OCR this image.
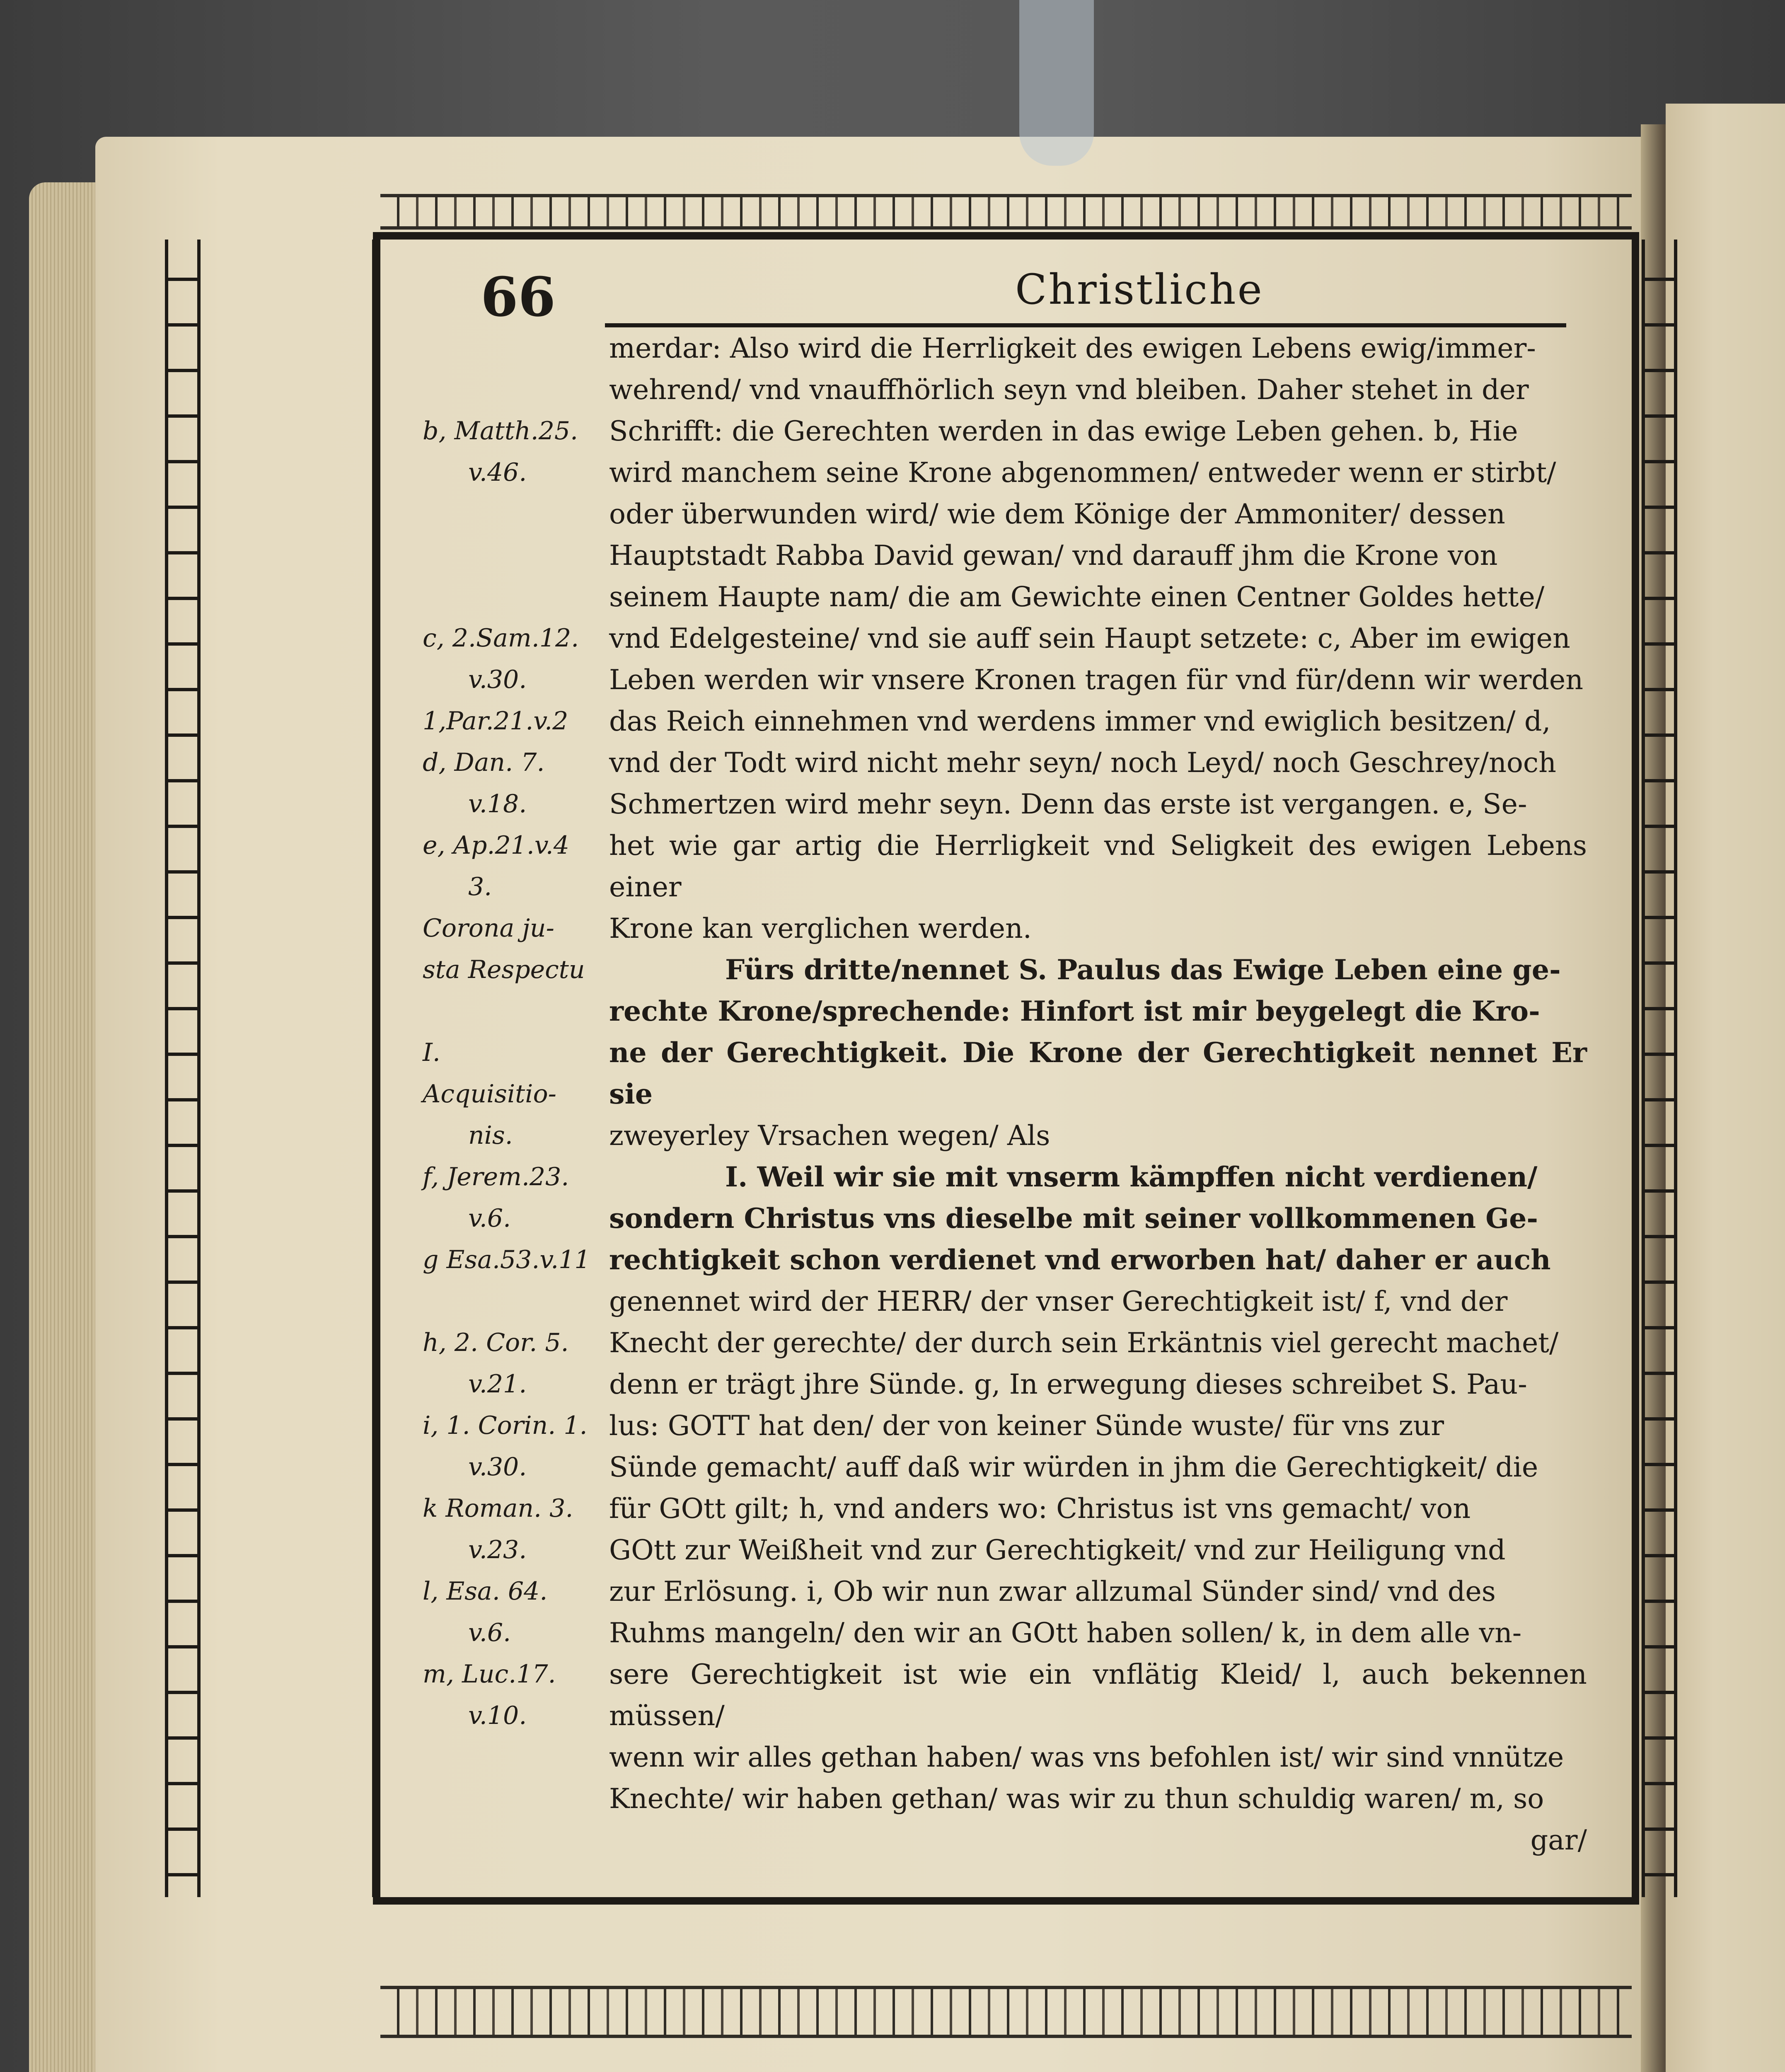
66	Christliche

merdar: Also wird die Herrligkeit des ewigen Lebens ewig/immer-

wehrend/ vnd vnauffhörlich seyn vnd bleiben. Daher stehet in der

Schrifft: die Gerechten werden in das ewige Leben gehen. b, Hie

wird manchem seine Krone abgenommen/ entweder wenn er stirbt/

oder überwunden wird/ wie dem Könige der Ammoniter/ dessen

Hauptstadt Rabba David gewan/ vnd darauff jhm die Krone von

seinem Haupte nam/ die am Gewichte einen Centner Goldes hette/

vnd Edelgesteine/ vnd sie auff sein Haupt setzete: c, Aber im ewigen

Leben werden wir vnsere Kronen tragen für vnd für/denn wir werden

das Reich einnehmen vnd werdens immer vnd ewiglich besitzen/ d,

vnd der Todt wird nicht mehr seyn/ noch Leyd/ noch Geschrey/noch

Schmertzen wird mehr seyn. Denn das erste ist vergangen. e, Se-

het wie gar artig die Herrligkeit vnd Seligkeit des ewigen Lebens einer

Krone kan verglichen werden.

Fürs dritte/nennet S. Paulus das Ewige Leben eine ge-

rechte Krone/sprechende: Hinfort ist mir beygelegt die Kro-

ne der Gerechtigkeit. Die Krone der Gerechtigkeit nennet Er sie

zweyerley Vrsachen wegen/ Als

I. Weil wir sie mit vnserm kämpffen nicht verdienen/

sondern Christus vns dieselbe mit seiner vollkommenen Ge-

rechtigkeit schon verdienet vnd erworben hat/ daher er auch

genennet wird der HERR/ der vnser Gerechtigkeit ist/ f, vnd der

Knecht der gerechte/ der durch sein Erkäntnis viel gerecht machet/

denn er trägt jhre Sünde. g, In erwegung dieses schreibet S. Pau-

lus: GOTT hat den/ der von keiner Sünde wuste/ für vns zur

Sünde gemacht/ auff daß wir würden in jhm die Gerechtigkeit/ die

für GOtt gilt; h, vnd anders wo: Christus ist vns gemacht/ von

GOtt zur Weißheit vnd zur Gerechtigkeit/ vnd zur Heiligung vnd

zur Erlösung. i, Ob wir nun zwar allzumal Sünder sind/ vnd des

Ruhms mangeln/ den wir an GOtt haben sollen/ k, in dem alle vn-

sere Gerechtigkeit ist wie ein vnflätig Kleid/ l, auch bekennen müssen/

wenn wir alles gethan haben/ was vns befohlen ist/ wir sind vnnütze

Knechte/ wir haben gethan/ was wir zu thun schuldig waren/ m, so

gar/

b, Matth.25.
v.46.
c, 2.Sam.12.
v.30.
1,Par.21.v.2
d, Dan. 7.
v.18.
e, Ap.21.v.4
3.
Corona ju-
sta Respectu
I.
Acquisitio-
nis.
f, Jerem.23.
v.6.
g Esa.53.v.11
h, 2. Cor. 5.
v.21.
i, 1. Corin. 1.
v.30.
k Roman. 3.
v.23.
l, Esa. 64.
v.6.
m, Luc.17.
v.10.
